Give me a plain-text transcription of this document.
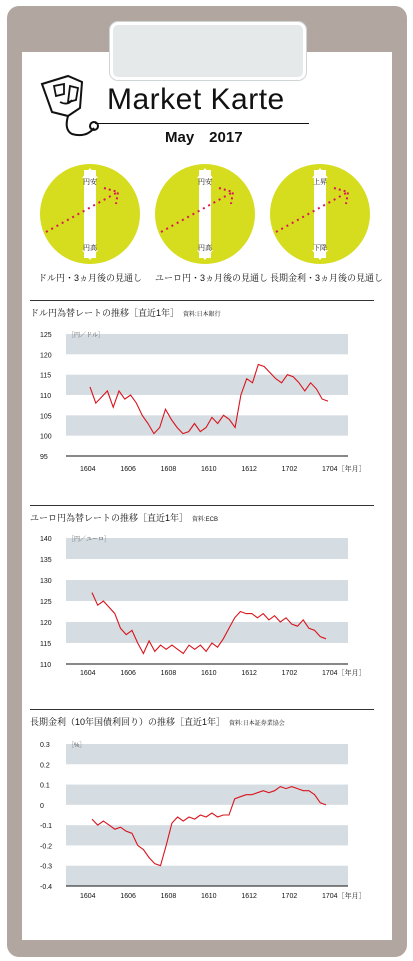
Market Karte
May　2017
円安
円高
円安
円高
上昇
下降
ドル円・3ヵ月後の見通し ユーロ円・3ヵ月後の見通し 長期金利・3ヵ月後の見通し
ドル円為替レートの推移［直近1年］ 資料:日本銀行
125
120
115
110
105
100
95
［円／ドル］
1604	1606	1608	1610	1612	1702	1704［年月］
ユーロ円為替レートの推移［直近1年］ 資料:ECB
140
135
130
125
120
115
110
［円／ユーロ］
1604	1606	1608	1610	1612	1702	1704［年月］
長期金利（10年国債利回り）の推移［直近1年］ 資料:日本証券業協会
0.3
0.2
0.1
0
-0.1
-0.2
-0.3
-0.4
［%］
1604	1606	1608	1610	1612	1702	1704［年月］
